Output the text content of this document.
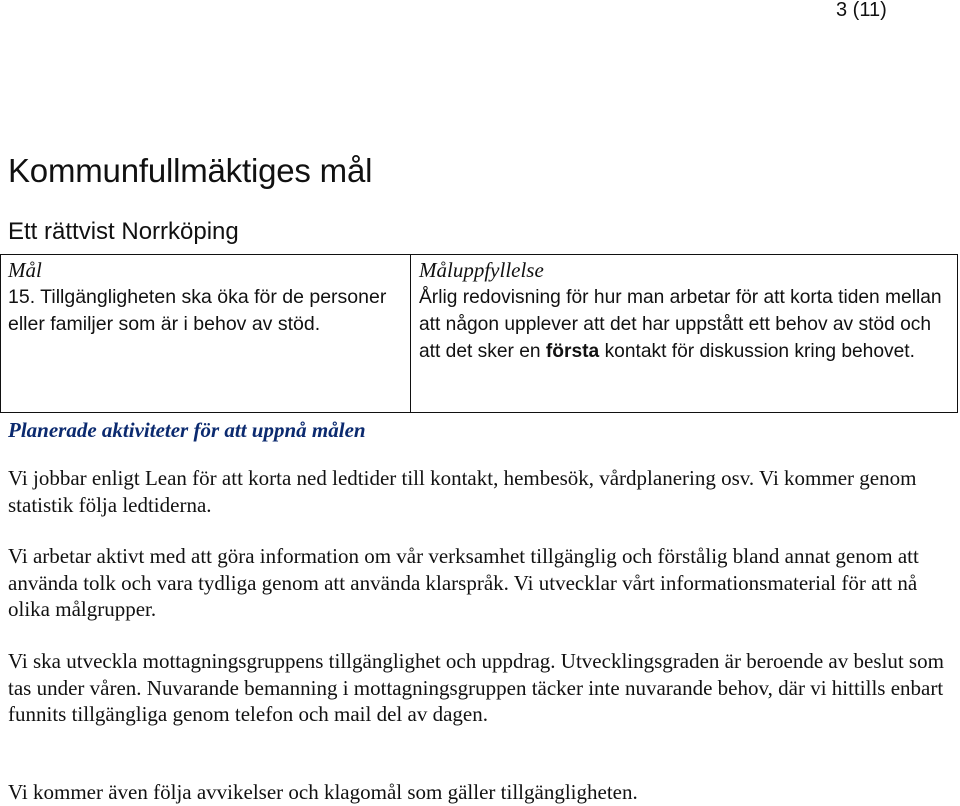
3 (11)
Kommunfullmäktiges mål
Ett rättvist Norrköping
Mål
15. Tillgängligheten ska öka för de personer eller familjer som är i behov av stöd.
Måluppfyllelse
Årlig redovisning för hur man arbetar för att korta tiden mellan att någon upplever att det har uppstått ett behov av stöd och att det sker en första kontakt för diskussion kring behovet.
Planerade aktiviteter för att uppnå målen

Vi jobbar enligt Lean för att korta ned ledtider till kontakt, hembesök, vårdplanering osv. Vi kommer genom statistik följa ledtiderna.

Vi arbetar aktivt med att göra information om vår verksamhet tillgänglig och förstålig bland annat genom att använda tolk och vara tydliga genom att använda klarspråk. Vi utvecklar vårt informationsmaterial för att nå olika målgrupper.

Vi ska utveckla mottagningsgruppens tillgänglighet och uppdrag. Utvecklingsgraden är beroende av beslut som tas under våren. Nuvarande bemanning i mottagningsgruppen täcker inte nuvarande behov, där vi hittills enbart funnits tillgängliga genom telefon och mail del av dagen.

Vi kommer även följa avvikelser och klagomål som gäller tillgängligheten.
